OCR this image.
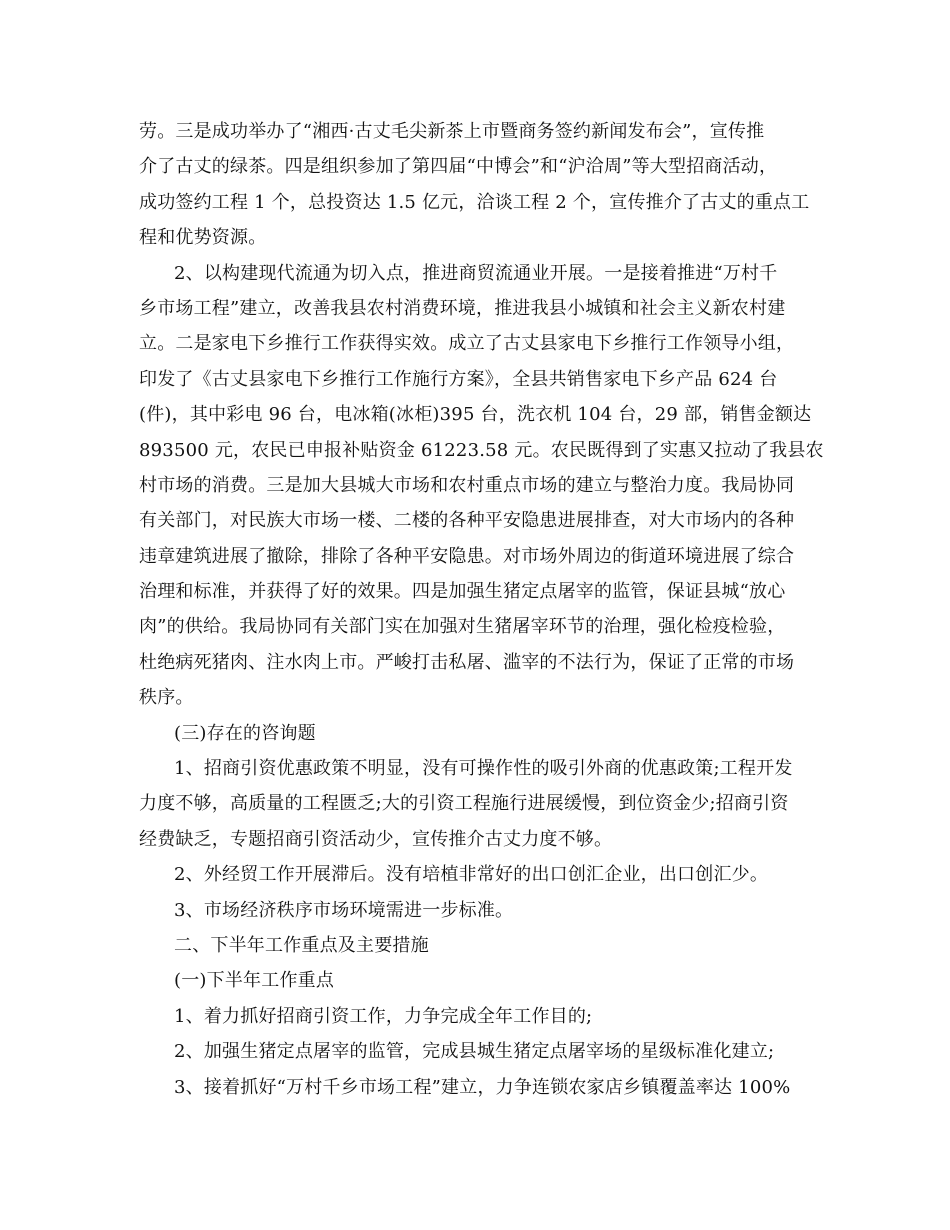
劳。三是成功举办了“湘西·古丈毛尖新茶上市暨商务签约新闻发布会”，宣传推
介了古丈的绿茶。四是组织参加了第四届“中博会”和“沪洽周”等大型招商活动，
成功签约工程 1 个，总投资达 1.5 亿元，洽谈工程 2 个，宣传推介了古丈的重点工
程和优势资源。
2、以构建现代流通为切入点，推进商贸流通业开展。一是接着推进“万村千
乡市场工程”建立，改善我县农村消费环境，推进我县小城镇和社会主义新农村建
立。二是家电下乡推行工作获得实效。成立了古丈县家电下乡推行工作领导小组，
印发了《古丈县家电下乡推行工作施行方案》，全县共销售家电下乡产品 624 台
(件)，其中彩电 96 台，电冰箱(冰柜)395 台，洗衣机 104 台，29 部，销售金额达
893500 元，农民已申报补贴资金 61223.58 元。农民既得到了实惠又拉动了我县农
村市场的消费。三是加大县城大市场和农村重点市场的建立与整治力度。我局协同
有关部门，对民族大市场一楼、二楼的各种平安隐患进展排查，对大市场内的各种
违章建筑进展了撤除，排除了各种平安隐患。对市场外周边的街道环境进展了综合
治理和标准，并获得了好的效果。四是加强生猪定点屠宰的监管，保证县城“放心
肉”的供给。我局协同有关部门实在加强对生猪屠宰环节的治理，强化检疫检验，
杜绝病死猪肉、注水肉上市。严峻打击私屠、滥宰的不法行为，保证了正常的市场
秩序。
(三)存在的咨询题
1、招商引资优惠政策不明显，没有可操作性的吸引外商的优惠政策;工程开发
力度不够，高质量的工程匮乏;大的引资工程施行进展缓慢，到位资金少;招商引资
经费缺乏，专题招商引资活动少，宣传推介古丈力度不够。
2、外经贸工作开展滞后。没有培植非常好的出口创汇企业，出口创汇少。
3、市场经济秩序市场环境需进一步标准。
二、下半年工作重点及主要措施
(一)下半年工作重点
1、着力抓好招商引资工作，力争完成全年工作目的;
2、加强生猪定点屠宰的监管，完成县城生猪定点屠宰场的星级标准化建立;
3、接着抓好“万村千乡市场工程”建立，力争连锁农家店乡镇覆盖率达 100%
